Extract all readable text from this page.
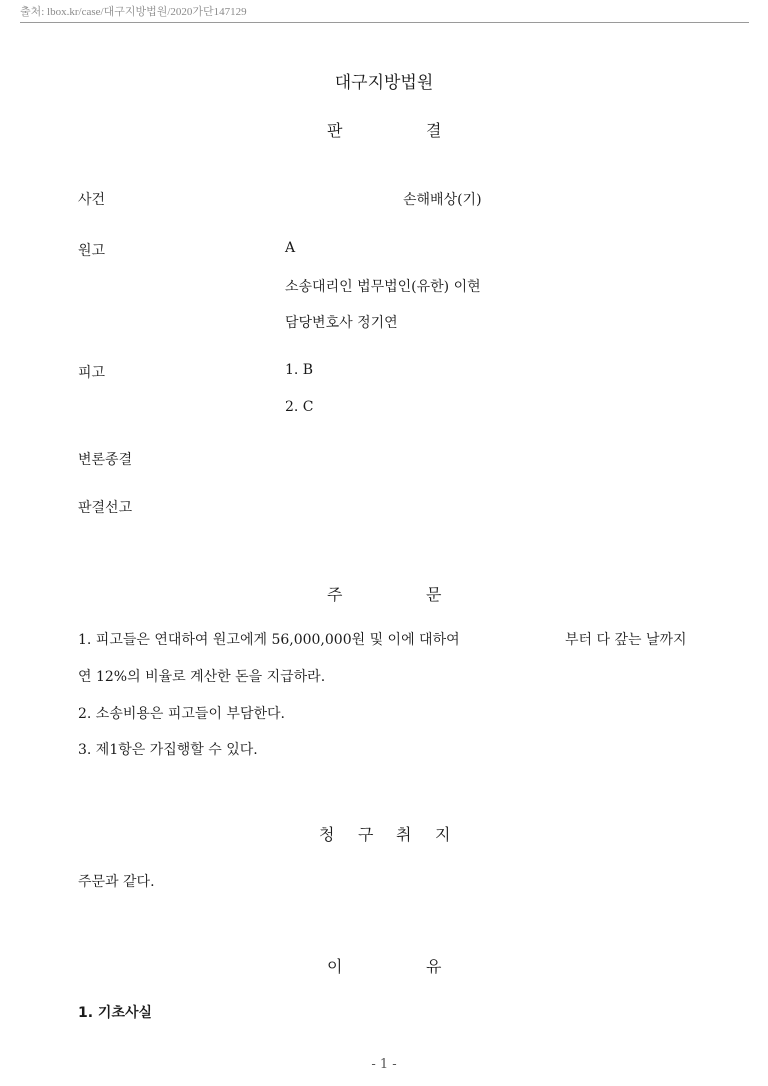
출처: lbox.kr/case/대구지방법원/2020가단147129
대구지방법원
판	결
사건	손해배상(기)
원고	A
소송대리인 법무법인(유한) 이현
담당변호사 정기연
피고	1. B
2. C
변론종결
판결선고
주	문
1. 피고들은 연대하여 원고에게 56,000,000원 및 이에 대하여	부터 다 갚는 날까지
연 12%의 비율로 계산한 돈을 지급하라.
2. 소송비용은 피고들이 부담한다.
3. 제1항은 가집행할 수 있다.
청 구 취 지
주문과 같다.
이	유
1. 기초사실
- 1 -
